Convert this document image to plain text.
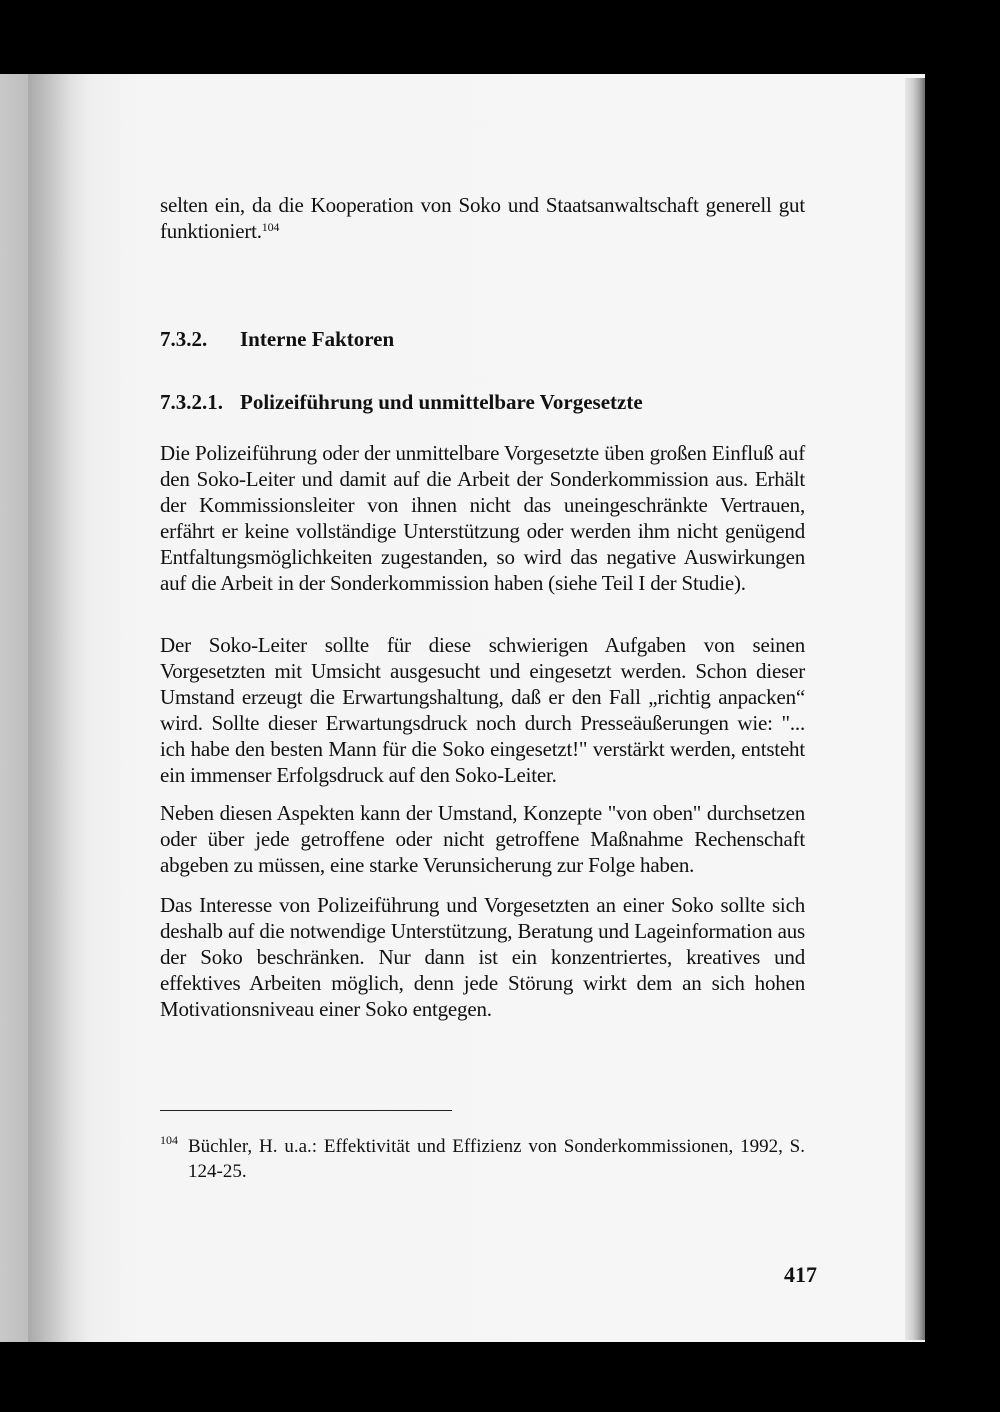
selten ein, da die Kooperation von Soko und Staatsanwaltschaft generell gut funktioniert.$^{104}$

7.3.2. Interne Faktoren
7.3.2.1. Polizeiführung und unmittelbare Vorgesetzte

Die Polizeiführung oder der unmittelbare Vorgesetzte üben großen Einfluß auf den Soko-Leiter und damit auf die Arbeit der Sonderkommission aus. Erhält der Kommissionsleiter von ihnen nicht das uneingeschränkte Vertrauen, erfährt er keine vollständige Unterstützung oder werden ihm nicht genügend Entfaltungsmöglichkeiten zugestanden, so wird das negative Auswirkungen auf die Arbeit in der Sonderkommission haben (siehe Teil I der Studie).

Der Soko-Leiter sollte für diese schwierigen Aufgaben von seinen Vorgesetzten mit Umsicht ausgesucht und eingesetzt werden. Schon dieser Umstand erzeugt die Erwartungshaltung, daß er den Fall „richtig anpacken“ wird. Sollte dieser Erwartungsdruck noch durch Presseäußerungen wie: "... ich habe den besten Mann für die Soko eingesetzt!" verstärkt werden, entsteht ein immenser Erfolgsdruck auf den Soko-Leiter.

Neben diesen Aspekten kann der Umstand, Konzepte "von oben" durchsetzen oder über jede getroffene oder nicht getroffene Maßnahme Rechenschaft abgeben zu müssen, eine starke Verunsicherung zur Folge haben.

Das Interesse von Polizeiführung und Vorgesetzten an einer Soko sollte sich deshalb auf die notwendige Unterstützung, Beratung und Lageinformation aus der Soko beschränken. Nur dann ist ein konzentriertes, kreatives und effektives Arbeiten möglich, denn jede Störung wirkt dem an sich hohen Motivationsniveau einer Soko entgegen.

104 Büchler, H. u.a.: Effektivität und Effizienz von Sonderkommissionen, 1992, S. 124-25.
417
